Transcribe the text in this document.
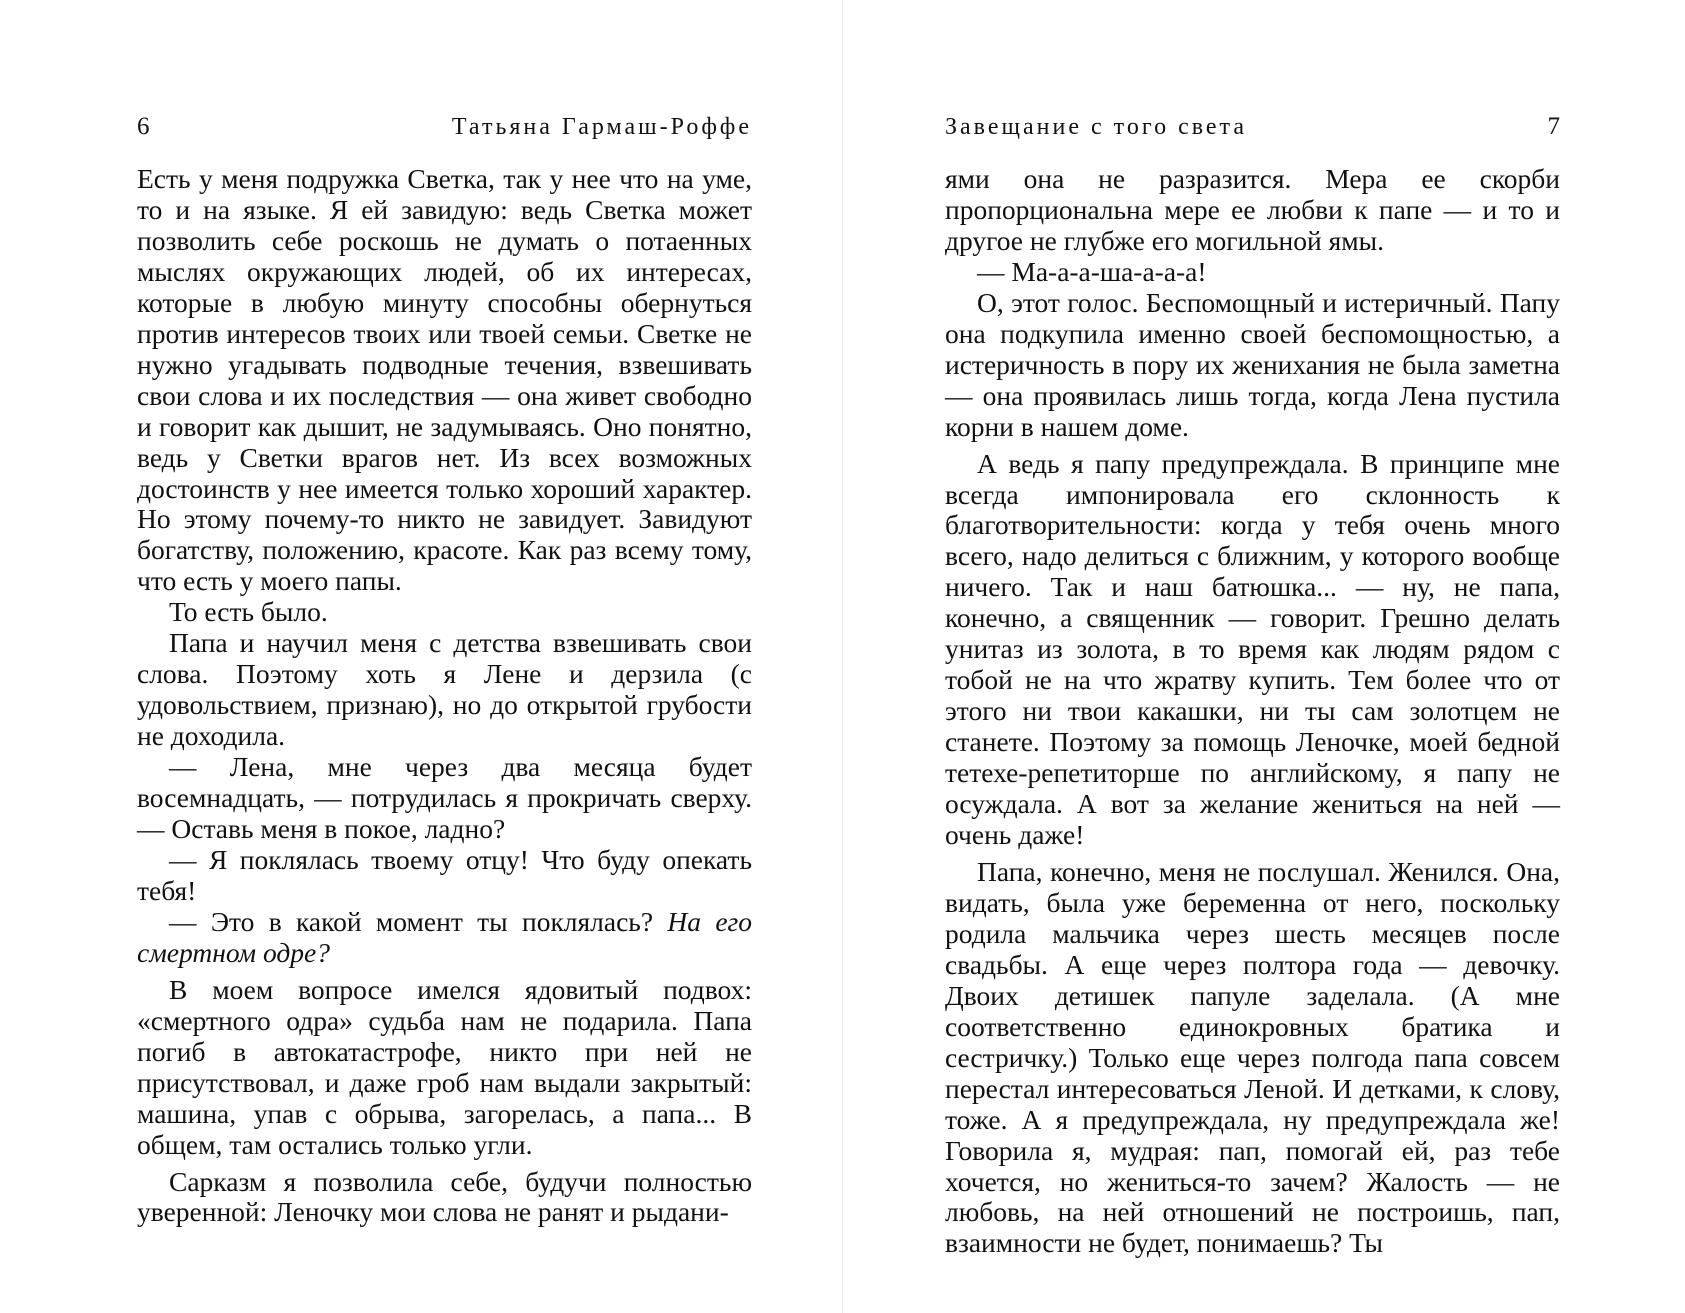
6	Татьяна Гармаш-Роффе

Есть у меня подружка Светка, так у нее что на уме, то и на языке. Я ей завидую: ведь Светка может позволить себе роскошь не думать о потаенных мыслях окружающих людей, об их интересах, которые в любую минуту способны обернуться против интересов твоих или твоей семьи. Светке не нужно угадывать подводные течения, взвешивать свои слова и их последствия — она живет свободно и говорит как дышит, не задумываясь. Оно понятно, ведь у Светки врагов нет. Из всех возможных достоинств у нее имеется только хороший характер. Но этому почему-то никто не завидует. Завидуют богатству, положению, красоте. Как раз всему тому, что есть у моего папы.

То есть было.

Папа и научил меня с детства взвешивать свои слова. Поэтому хоть я Лене и дерзила (с удовольствием, признаю), но до открытой грубости не доходила.

— Лена, мне через два месяца будет восемнадцать, — потрудилась я прокричать сверху. — Оставь меня в покое, ладно?

— Я поклялась твоему отцу! Что буду опекать тебя!

— Это в какой момент ты поклялась? На его смертном одре?

В моем вопросе имелся ядовитый подвох: «смертного одра» судьба нам не подарила. Папа погиб в автокатастрофе, никто при ней не присутствовал, и даже гроб нам выдали закрытый: машина, упав с обрыва, загорелась, а папа... В общем, там остались только угли.

Сарказм я позволила себе, будучи полностью уверенной: Леночку мои слова не ранят и рыдани-

Завещание с того света	7

ями она не разразится. Мера ее скорби пропорциональна мере ее любви к папе — и то и другое не глубже его могильной ямы.

— Ма-а-а-ша-а-а-а!

О, этот голос. Беспомощный и истеричный. Папу она подкупила именно своей беспомощностью, а истеричность в пору их женихания не была заметна — она проявилась лишь тогда, когда Лена пустила корни в нашем доме.

А ведь я папу предупреждала. В принципе мне всегда импонировала его склонность к благотворительности: когда у тебя очень много всего, надо делиться с ближним, у которого вообще ничего. Так и наш батюшка... — ну, не папа, конечно, а священник — говорит. Грешно делать унитаз из золота, в то время как людям рядом с тобой не на что жратву купить. Тем более что от этого ни твои какашки, ни ты сам золотцем не станете. Поэтому за помощь Леночке, моей бедной тетехе-репетиторше по английскому, я папу не осуждала. А вот за желание жениться на ней — очень даже!

Папа, конечно, меня не послушал. Женился. Она, видать, была уже беременна от него, поскольку родила мальчика через шесть месяцев после свадьбы. А еще через полтора года — девочку. Двоих детишек папуле заделала. (А мне соответственно единокровных братика и сестричку.) Только еще через полгода папа совсем перестал интересоваться Леной. И детками, к слову, тоже. А я предупреждала, ну предупреждала же! Говорила я, мудрая: пап, помогай ей, раз тебе хочется, но жениться-то зачем? Жалость — не любовь, на ней отношений не построишь, пап, взаимности не будет, понимаешь? Ты
